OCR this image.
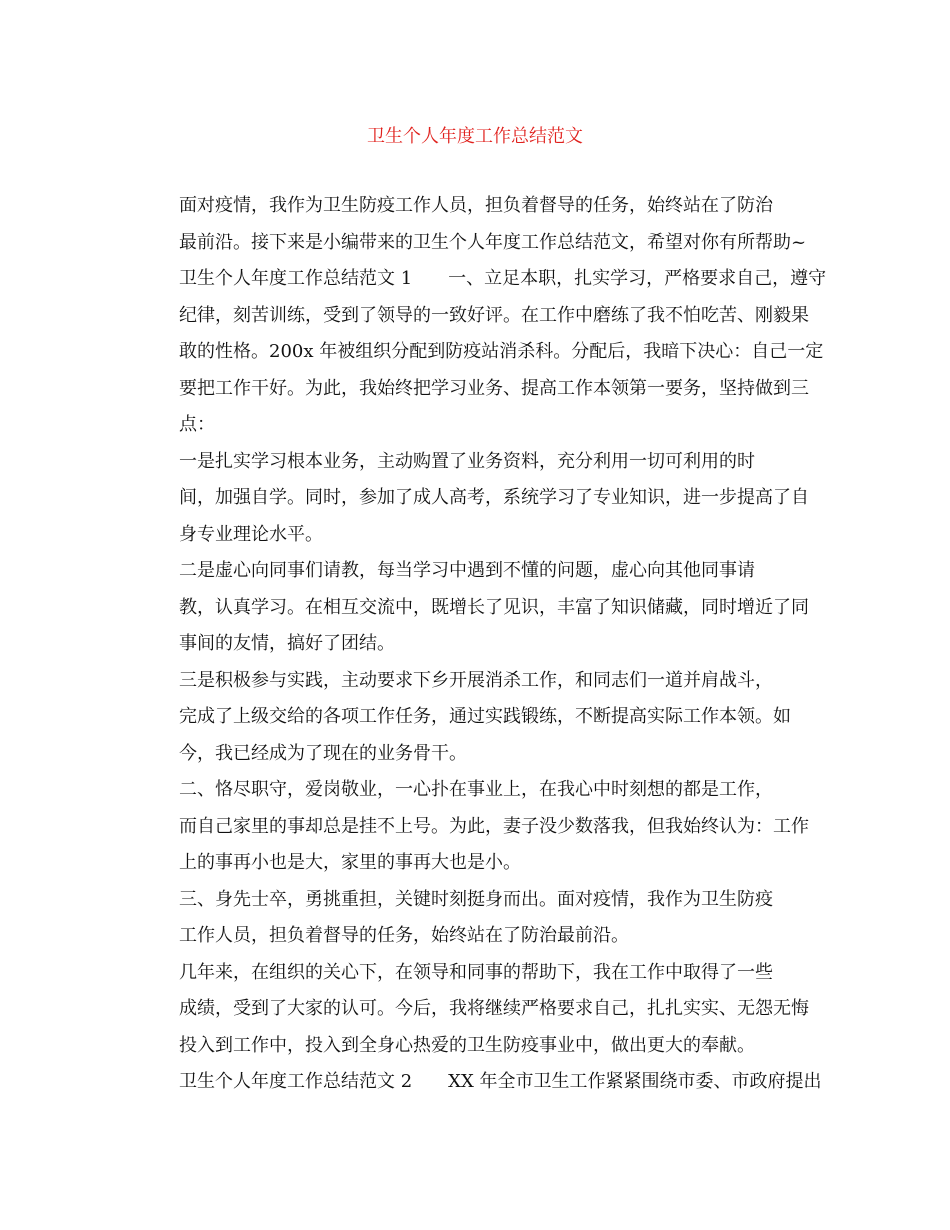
卫生个人年度工作总结范文
面对疫情，我作为卫生防疫工作人员，担负着督导的任务，始终站在了防治
最前沿。接下来是小编带来的卫生个人年度工作总结范文，希望对你有所帮助~
卫生个人年度工作总结范文 1　　一、立足本职，扎实学习，严格要求自己，遵守
纪律，刻苦训练，受到了领导的一致好评。在工作中磨练了我不怕吃苦、刚毅果
敢的性格。200x 年被组织分配到防疫站消杀科。分配后，我暗下决心：自己一定
要把工作干好。为此，我始终把学习业务、提高工作本领第一要务，坚持做到三
点：
一是扎实学习根本业务，主动购置了业务资料，充分利用一切可利用的时
间，加强自学。同时，参加了成人高考，系统学习了专业知识，进一步提高了自
身专业理论水平。
二是虚心向同事们请教，每当学习中遇到不懂的问题，虚心向其他同事请
教，认真学习。在相互交流中，既增长了见识，丰富了知识储藏，同时增近了同
事间的友情，搞好了团结。
三是积极参与实践，主动要求下乡开展消杀工作，和同志们一道并肩战斗，
完成了上级交给的各项工作任务，通过实践锻练，不断提高实际工作本领。如
今，我已经成为了现在的业务骨干。
二、恪尽职守，爱岗敬业，一心扑在事业上，在我心中时刻想的都是工作，
而自己家里的事却总是挂不上号。为此，妻子没少数落我，但我始终认为：工作
上的事再小也是大，家里的事再大也是小。
三、身先士卒，勇挑重担，关键时刻挺身而出。面对疫情，我作为卫生防疫
工作人员，担负着督导的任务，始终站在了防治最前沿。
几年来，在组织的关心下，在领导和同事的帮助下，我在工作中取得了一些
成绩，受到了大家的认可。今后，我将继续严格要求自己，扎扎实实、无怨无悔
投入到工作中，投入到全身心热爱的卫生防疫事业中，做出更大的奉献。
卫生个人年度工作总结范文 2　　XX 年全市卫生工作紧紧围绕市委、市政府提出
